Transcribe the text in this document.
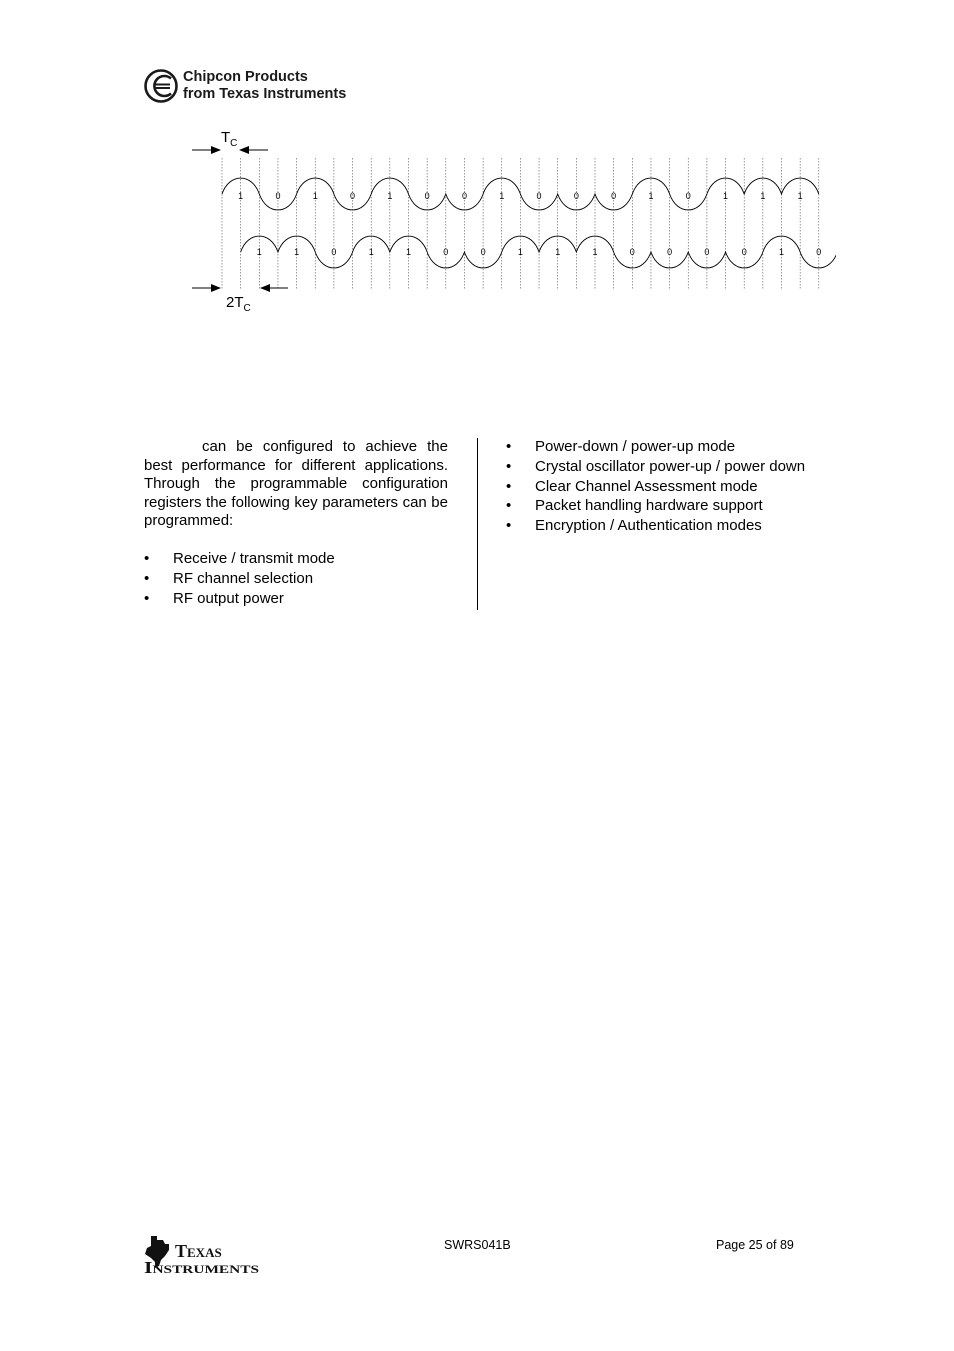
Chipcon Products
from Texas Instruments
1	0	1	0	1	0	0	1	0	0	0	1	0	1	1	1
1	1	0	1	1	0	0	1	1	1	0	0	0	0	1	0
$T_C$
$2T_C$

can be configured to achieve the best performance for different applications. Through the programmable configuration registers the following key parameters can be programmed:

• Receive / transmit mode
• RF channel selection
• RF output power
• Power-down / power-up mode
• Crystal oscillator power-up / power down
• Clear Channel Assessment mode
• Packet handling hardware support
• Encryption / Authentication modes
Texas
Instruments
SWRS041B	Page 25 of 89
